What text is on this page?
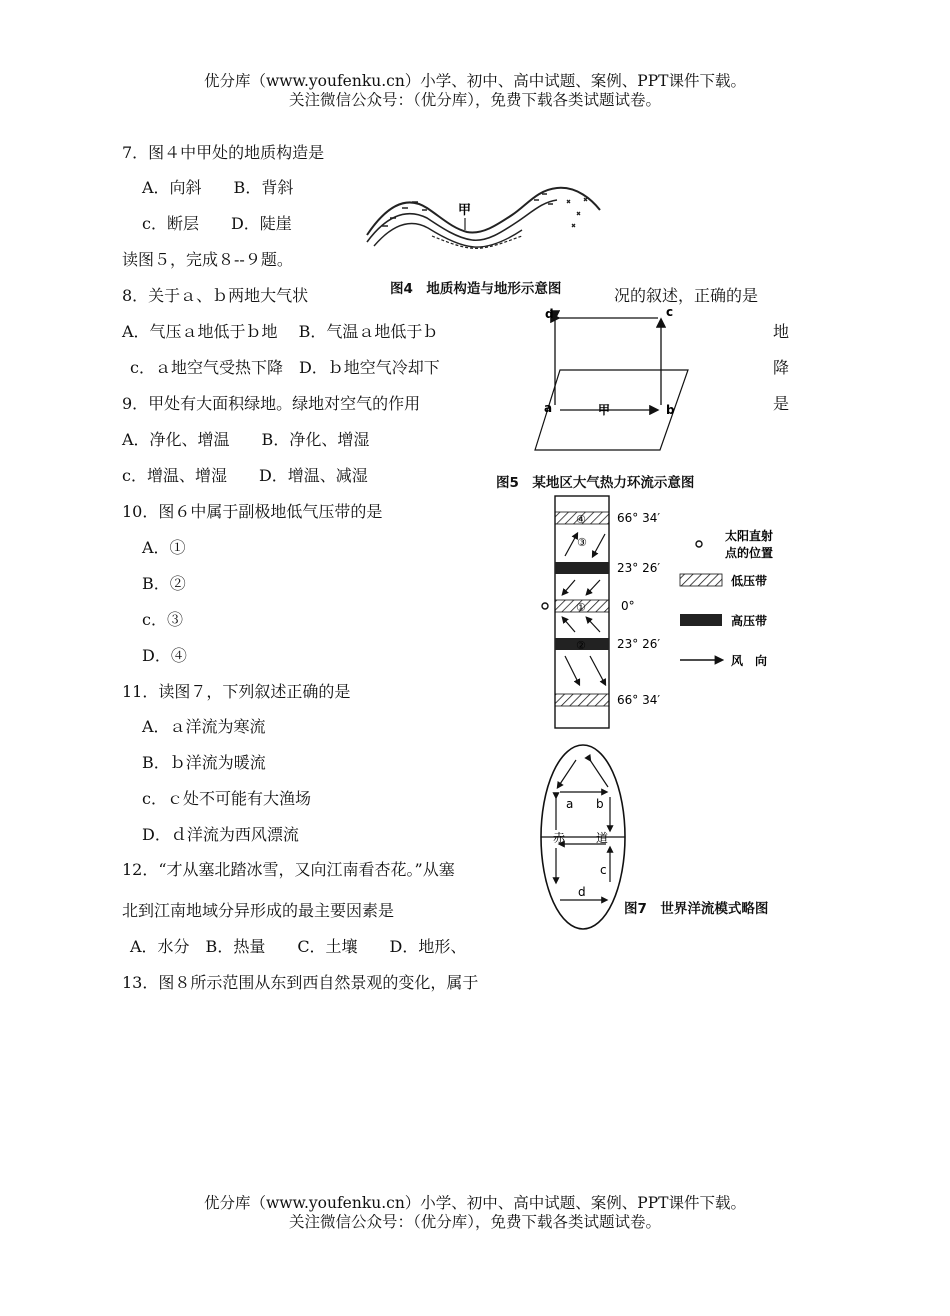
优分库（www.youfenku.cn）小学、初中、高中试题、案例、PPT课件下载。
关注微信公众号：（优分库），免费下载各类试题试卷。
7．图４中甲处的地质构造是
A．向斜　　B．背斜
c．断层　　D．陡崖
读图５，完成８--９题。
8．关于ａ、ｂ两地大气状	况的叙述，正确的是
A．气压ａ地低于ｂ地　 B．气温ａ地低于ｂ	地
c．ａ地空气受热下降　D．ｂ地空气冷却下	降
9．甲处有大面积绿地。绿地对空气的作用	是
A．净化、增温　　B．净化、增湿
c．增温、增湿　　D．增温、减湿
10．图６中属于副极地低气压带的是
A．①
B．②
c．③
D．④
11．读图７，下列叙述正确的是
A．ａ洋流为寒流
B．ｂ洋流为暖流
c．ｃ处不可能有大渔场
D．ｄ洋流为西风漂流
12．“才从塞北踏冰雪，又向江南看杏花。”从塞
北到江南地域分异形成的最主要因素是
A．水分　B．热量　　C．土壤　　D．地形、
13．图８所示范围从东到西自然景观的变化，属于
甲
图4　地质构造与地形示意图
d	c
a	b
甲
图5　某地区大气热力环流示意图
④
③
①
②
66° 34′
23° 26′
0°
23° 26′
66° 34′
太阳直射
点的位置
低压带
高压带
风　向
a b
赤	道
c
d
图7　世界洋流模式略图
优分库（www.youfenku.cn）小学、初中、高中试题、案例、PPT课件下载。
关注微信公众号：（优分库），免费下载各类试题试卷。
